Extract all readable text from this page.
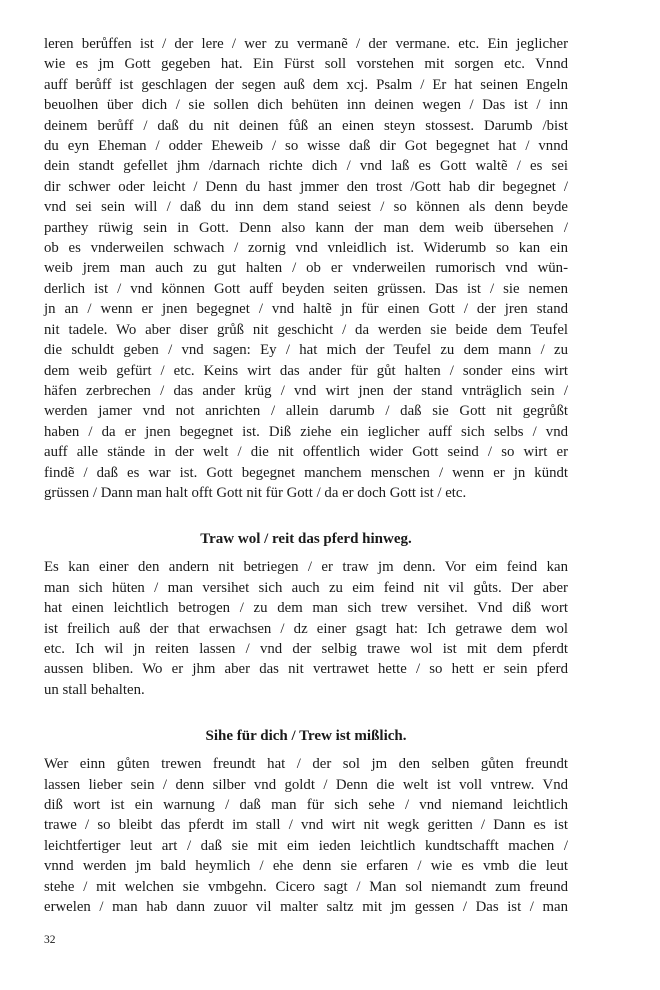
leren berůffen ist / der lere / wer zu vermanẽ / der vermane. etc. Ein jeglicher
wie es jm Gott gegeben hat. Ein Fürst soll vorstehen mit sorgen etc. Vnnd
auff berůff ist geschlagen der segen auß dem xcj. Psalm / Er hat seinen Engeln
beuolhen über dich / sie sollen dich behüten inn deinen wegen / Das ist / inn
deinem berůff / daß du nit deinen fůß an einen steyn stossest. Darumb /bist
du eyn Eheman / odder Eheweib / so wisse daß dir Got begegnet hat / vnnd
dein standt gefellet jhm /darnach richte dich / vnd laß es Gott waltẽ / es sei
dir schwer oder leicht / Denn du hast jmmer den trost /Gott hab dir begegnet /
vnd sei sein will / daß du inn dem stand seiest / so können als denn beyde
parthey rüwig sein in Gott. Denn also kann der man dem weib übersehen /
ob es vnderweilen schwach / zornig vnd vnleidlich ist. Widerumb so kan ein
weib jrem man auch zu gut halten / ob er vnderweilen rumorisch vnd wün-
derlich ist / vnd können Gott auff beyden seiten grüssen. Das ist / sie nemen
jn an / wenn er jnen begegnet / vnd haltẽ jn für einen Gott / der jren stand
nit tadele. Wo aber diser grůß nit geschicht / da werden sie beide dem Teufel
die schuldt geben / vnd sagen: Ey / hat mich der Teufel zu dem mann / zu
dem weib gefürt / etc. Keins wirt das ander für gůt halten / sonder eins wirt
häfen zerbrechen / das ander krüg / vnd wirt jnen der stand vnträglich sein /
werden jamer vnd not anrichten / allein darumb / daß sie Gott nit gegrůßt
haben / da er jnen begegnet ist. Diß ziehe ein ieglicher auff sich selbs / vnd
auff alle stände in der welt / die nit offentlich wider Gott seind / so wirt er
findẽ / daß es war ist. Gott begegnet manchem menschen / wenn er jn kündt
grüssen / Dann man halt offt Gott nit für Gott / da er doch Gott ist / etc.

Traw wol / reit das pferd hinweg.

Es kan einer den andern nit betriegen / er traw jm denn. Vor eim feind kan
man sich hüten / man versihet sich auch zu eim feind nit vil gůts. Der aber
hat einen leichtlich betrogen / zu dem man sich trew versihet. Vnd diß wort
ist freilich auß der that erwachsen / dz einer gsagt hat: Ich getrawe dem wol
etc. Ich wil jn reiten lassen / vnd der selbig trawe wol ist mit dem pferdt
aussen bliben. Wo er jhm aber das nit vertrawet hette / so hett er sein pferd
un stall behalten.

Sihe für dich / Trew ist mißlich.

Wer einn gůten trewen freundt hat / der sol jm den selben gůten freundt
lassen lieber sein / denn silber vnd goldt / Denn die welt ist voll vntrew. Vnd
diß wort ist ein warnung / daß man für sich sehe / vnd niemand leichtlich
trawe / so bleibt das pferdt im stall / vnd wirt nit wegk geritten / Dann es ist
leichtfertiger leut art / daß sie mit eim ieden leichtlich kundtschafft machen /
vnnd werden jm bald heymlich / ehe denn sie erfaren / wie es vmb die leut
stehe / mit welchen sie vmbgehn. Cicero sagt / Man sol niemandt zum freund
erwelen / man hab dann zuuor vil malter saltz mit jm gessen / Das ist / man

32
